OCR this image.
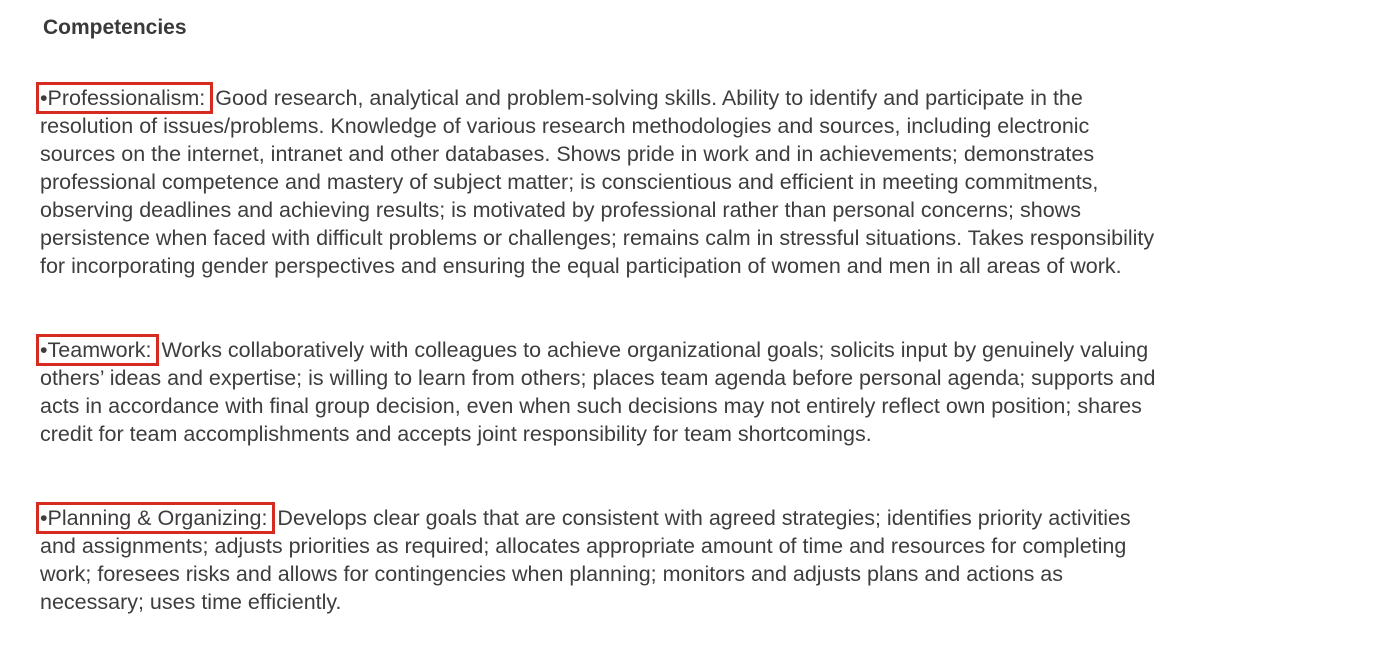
Competencies

•Professionalism: Good research, analytical and problem-solving skills. Ability to identify and participate in the resolution of issues/problems. Knowledge of various research methodologies and sources, including electronic sources on the internet, intranet and other databases. Shows pride in work and in achievements; demonstrates professional competence and mastery of subject matter; is conscientious and efficient in meeting commitments, observing deadlines and achieving results; is motivated by professional rather than personal concerns; shows persistence when faced with difficult problems or challenges; remains calm in stressful situations. Takes responsibility for incorporating gender perspectives and ensuring the equal participation of women and men in all areas of work.

•Teamwork: Works collaboratively with colleagues to achieve organizational goals; solicits input by genuinely valuing others’ ideas and expertise; is willing to learn from others; places team agenda before personal agenda; supports and acts in accordance with final group decision, even when such decisions may not entirely reflect own position; shares credit for team accomplishments and accepts joint responsibility for team shortcomings.

•Planning & Organizing: Develops clear goals that are consistent with agreed strategies; identifies priority activities and assignments; adjusts priorities as required; allocates appropriate amount of time and resources for completing work; foresees risks and allows for contingencies when planning; monitors and adjusts plans and actions as necessary; uses time efficiently.
